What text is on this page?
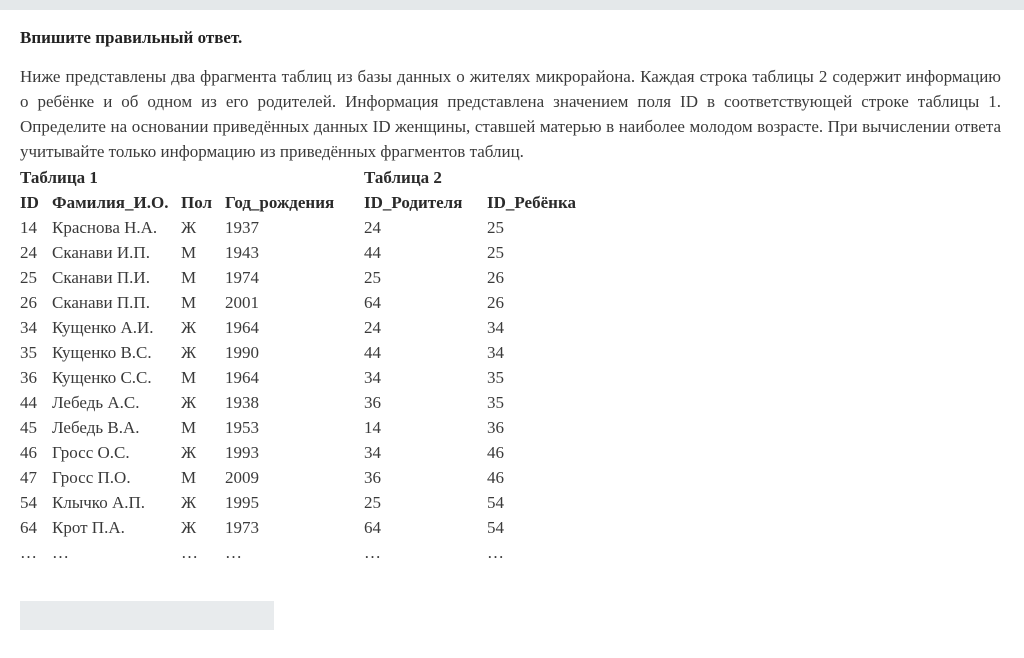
Впишите правильный ответ.
Ниже представлены два фрагмента таблиц из базы данных о жителях микрорайона. Каждая строка таблицы 2 содержит информацию о ребёнке и об одном из его родителей. Информация представлена значением поля ID в соответствующей строке таблицы 1. Определите на основании приведённых данных ID женщины, ставшей матерью в наиболее молодом возрасте. При вычислении ответа учитывайте только информацию из приведённых фрагментов таблиц.
Таблица 1			
ID	Фамилия_И.О.	Пол	Год_рождения
14	Краснова Н.А.	Ж	1937
24	Сканави И.П.	М	1943
25	Сканави П.И.	М	1974
26	Сканави П.П.	М	2001
34	Кущенко А.И.	Ж	1964
35	Кущенко В.С.	Ж	1990
36	Кущенко С.С.	М	1964
44	Лебедь А.С.	Ж	1938
45	Лебедь В.А.	М	1953
46	Гросс О.С.	Ж	1993
47	Гросс П.О.	М	2009
54	Клычко А.П.	Ж	1995
64	Крот П.А.	Ж	1973
…	…	…	…
Таблица 2	
ID_Родителя	ID_Ребёнка
24	25
44	25
25	26
64	26
24	34
44	34
34	35
36	35
14	36
34	46
36	46
25	54
64	54
…	…
